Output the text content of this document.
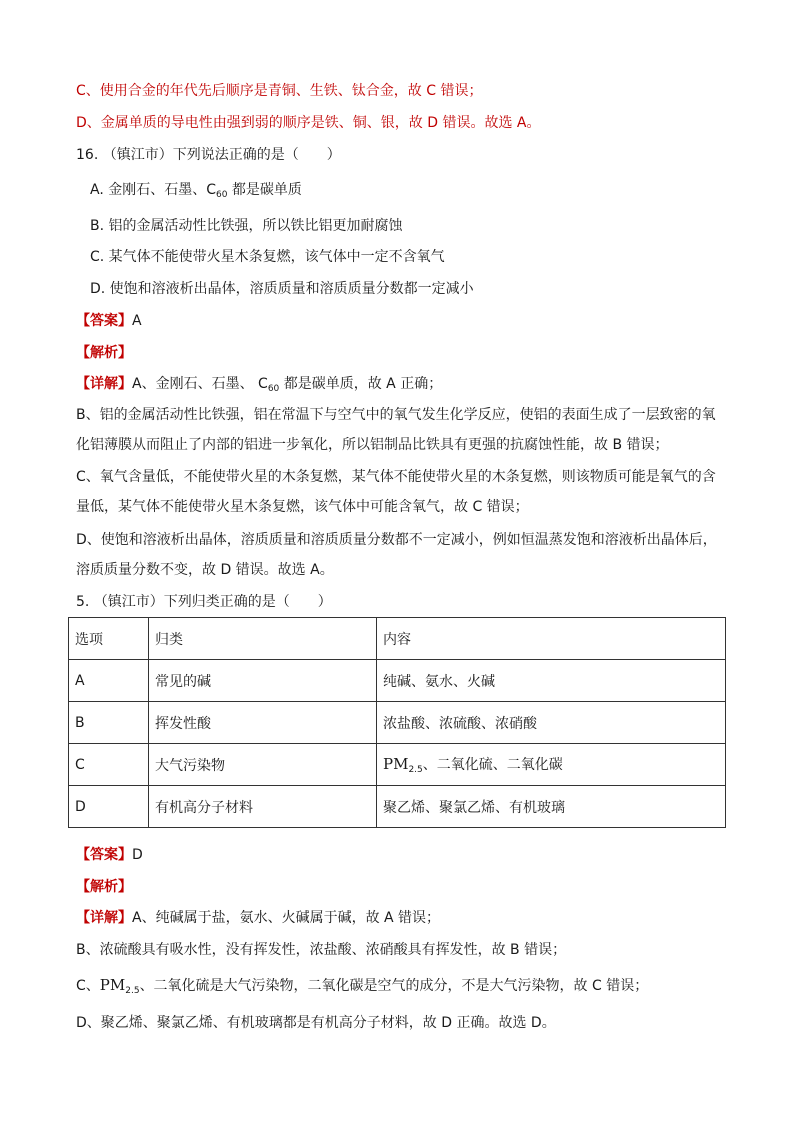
C、使用合金的年代先后顺序是青铜、生铁、钛合金，故 C 错误；
D、金属单质的导电性由强到弱的顺序是铁、铜、银，故 D 错误。故选 A。
16. （镇江市）下列说法正确的是（　　）
A. 金刚石、石墨、$C_{60}$ 都是碳单质
B. 铝的金属活动性比铁强，所以铁比铝更加耐腐蚀
C. 某气体不能使带火星木条复燃，该气体中一定不含氧气
D. 使饱和溶液析出晶体，溶质质量和溶质质量分数都一定减小
【答案】A
【解析】
【详解】A、金刚石、石墨、 $C_{60}$ 都是碳单质，故 A 正确；
B、铝的金属活动性比铁强，铝在常温下与空气中的氧气发生化学反应，使铝的表面生成了一层致密的氧
化铝薄膜从而阻止了内部的铝进一步氧化，所以铝制品比铁具有更强的抗腐蚀性能，故 B 错误；
C、氧气含量低，不能使带火星的木条复燃，某气体不能使带火星的木条复燃，则该物质可能是氧气的含
量低，某气体不能使带火星木条复燃，该气体中可能含氧气，故 C 错误；
D、使饱和溶液析出晶体，溶质质量和溶质质量分数都不一定减小，例如恒温蒸发饱和溶液析出晶体后，
溶质质量分数不变，故 D 错误。故选 A。
5. （镇江市）下列归类正确的是（　　）
选项	归类	内容
A	常见的碱	纯碱、氨水、火碱
B	挥发性酸	浓盐酸、浓硫酸、浓硝酸
C	大气污染物	$PM_{2.5}$、二氧化硫、二氧化碳
D	有机高分子材料	聚乙烯、聚氯乙烯、有机玻璃
【答案】D
【解析】
【详解】A、纯碱属于盐，氨水、火碱属于碱，故 A 错误；
B、浓硫酸具有吸水性，没有挥发性，浓盐酸、浓硝酸具有挥发性，故 B 错误；
C、$PM_{2.5}$、二氧化硫是大气污染物，二氧化碳是空气的成分，不是大气污染物，故 C 错误；
D、聚乙烯、聚氯乙烯、有机玻璃都是有机高分子材料，故 D 正确。故选 D。
